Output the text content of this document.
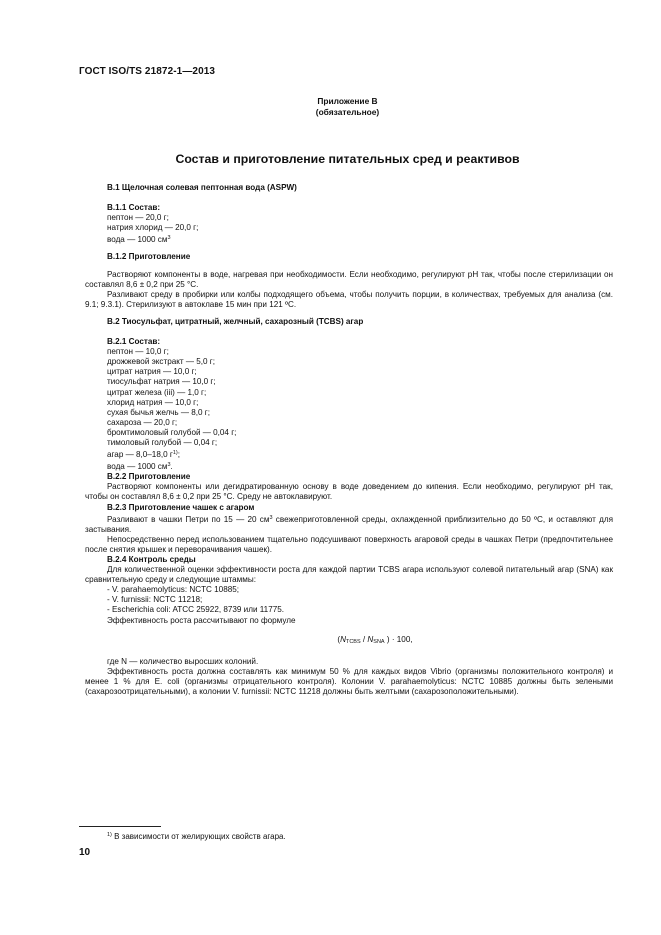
ГОСТ ISO/TS 21872-1—2013
Приложение В
(обязательное)
Состав и приготовление питательных сред и реактивов
В.1 Щелочная солевая пептонная вода (ASPW)
В.1.1 Состав:
пептон — 20,0 г;
натрия хлорид — 20,0 г;
вода — 1000 $см^3$
В.1.2 Приготовление
Растворяют компоненты в воде, нагревая при необходимости. Если необходимо, регулируют pH так, чтобы после стерилизации он составлял 8,6 ± 0,2 при 25 °С.
Разливают среду в пробирки или колбы подходящего объема, чтобы получить порции, в количествах, требуемых для анализа (см. 9.1; 9.3.1). Стерилизуют в автоклаве 15 мин при 121 ºС.
В.2 Тиосульфат, цитратный, желчный, сахарозный (TCBS) агар
В.2.1 Состав:
пептон — 10,0 г;
дрожжевой экстракт — 5,0 г;
цитрат натрия — 10,0 г;
тиосульфат натрия — 10,0 г;
цитрат железа (iii) — 1,0 г;
хлорид натрия — 10,0 г;
сухая бычья желчь — 8,0 г;
сахароза — 20,0 г;
бромтимоловый голубой — 0,04 г;
тимоловый голубой — 0,04 г;
агар — 8,0–18,0 $г^{1)}$;
вода — 1000 $см^3$.
В.2.2 Приготовление
Растворяют компоненты или дегидратированную основу в воде доведением до кипения. Если необходимо, регулируют pH так, чтобы он составлял 8,6 ± 0,2 при 25 °С. Среду не автоклавируют.
В.2.3 Приготовление чашек с агаром
Разливают в чашки Петри по 15 — 20 $см^3$ свежеприготовленной среды, охлажденной приблизительно до 50 ºС, и оставляют для застывания.
Непосредственно перед использованием тщательно подсушивают поверхность агаровой среды в чашках Петри (предпочтительнее после снятия крышек и переворачивания чашек).
В.2.4 Контроль среды
Для количественной оценки эффективности роста для каждой партии TCBS агара используют солевой питательный агар (SNA) как сравнительную среду и следующие штаммы:
- V. parahaemolyticus: NCTC 10885;
- V. furnissii: NCTC 11218;
- Escherichia coli: ATCC 25922, 8739 или 11775.
Эффективность роста рассчитывают по формуле
(NTCBS / NSNA ) · 100,
где N — количество выросших колоний.
Эффективность роста должна составлять как минимум 50 % для каждых видов Vibrio (организмы положительного контроля) и менее 1 % для E. coli (организмы отрицательного контроля). Колонии V. parahaemolyticus: NCTC 10885 должны быть зелеными (сахарозоотрицательными), а колонии V. furnissii: NCTC 11218 должны быть желтыми (сахарозоположительными).
$^{1)}$ В зависимости от желирующих свойств агара.
10
